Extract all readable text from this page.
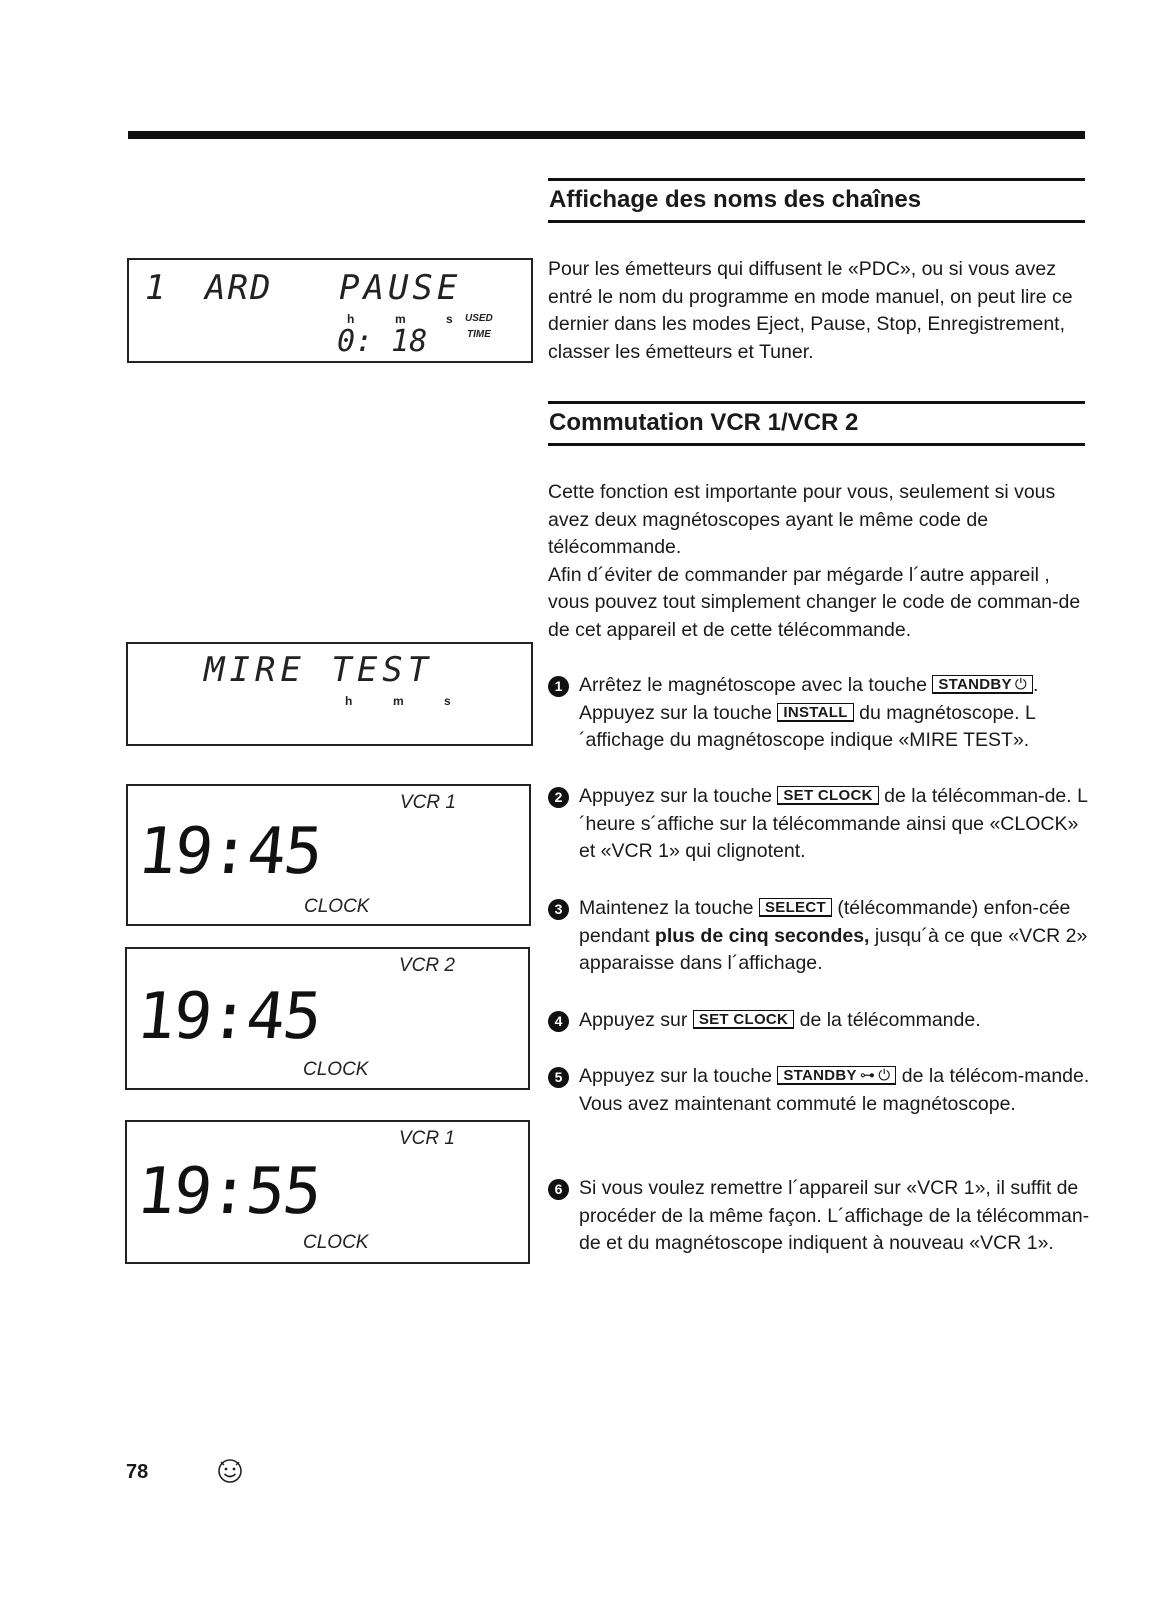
Affichage des noms des chaînes

Pour les émetteurs qui diffusent le «PDC», ou si vous avez entré le nom du programme en mode manuel, on peut lire ce dernier dans les modes Eject, Pause, Stop, Enregistrement, classer les émetteurs et Tuner.

Commutation VCR 1/VCR 2

Cette fonction est importante pour vous, seulement si vous avez deux magnétoscopes ayant le même code de télécommande.

Afin d´éviter de commander par mégarde l´autre appareil , vous pouvez tout simplement changer le code de comman-de de cet appareil et de cette télécommande.

1 Arrêtez le magnétoscope avec la touche STANDBY ⏻ . Appuyez sur la touche INSTALL du magnétoscope. L´affichage du magnétoscope indique «MIRE TEST».
2 Appuyez sur la touche SET CLOCK de la télécomman-de. L´heure s´affiche sur la télécommande ainsi que «CLOCK» et «VCR 1» qui clignotent.
3 Maintenez la touche SELECT (télécommande) enfon-cée pendant plus de cinq secondes, jusqu´à ce que «VCR 2» apparaisse dans l´affichage.
4 Appuyez sur SET CLOCK de la télécommande.
5 Appuyez sur la touche STANDBY ⊶ ⏻ de la télécom-mande. Vous avez maintenant commuté le magnétoscope.
6 Si vous voulez remettre l´appareil sur «VCR 1», il suffit de procéder de la même façon. L´affichage de la télécomman-de et du magnétoscope indiquent à nouveau «VCR 1».
1 ARD PAUSE
h	m	s USED
TIME
0: 18
MIRE TEST
h	m	s
VCR 1
19:45
CLOCK
VCR 2
19:45
CLOCK
VCR 1
19:55
CLOCK
78
